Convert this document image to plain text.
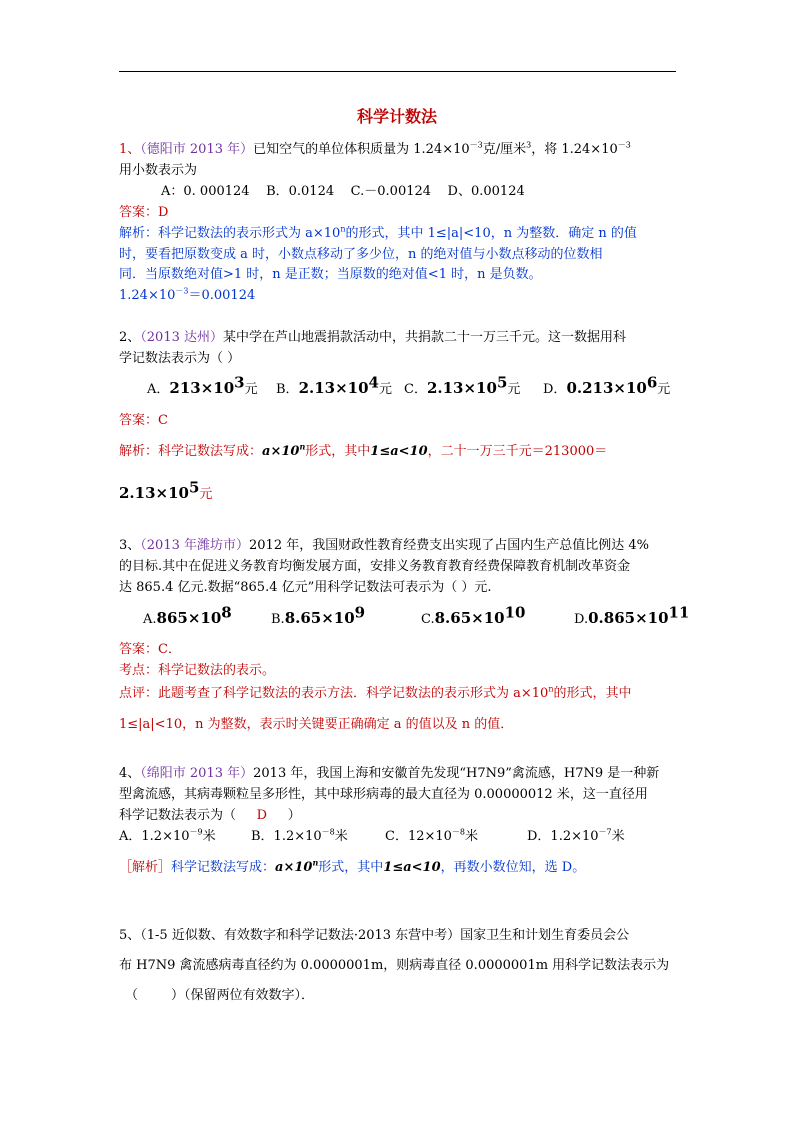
科学计数法
1、（德阳市 2013 年）已知空气的单位体积质量为 $1.24\times 10^{-3}$克/厘米$^3$，将 $1.24\times 10^{-3}$
用小数表示为
A：0. 000124    B．0.0124    C.－0.00124    D、0.00124
答案：D
解析：科学记数法的表示形式为 $a\times 10^n$的形式，其中 1≤|a|<10，n 为整数．确定 n 的值
时，要看把原数变成 a 时，小数点移动了多少位，n 的绝对值与小数点移动的位数相
同．当原数绝对值>1 时，n 是正数；当原数的绝对值<1 时，n 是负数。
$1.24\times 10^{-3}=0.00124$
2、（2013 达州）某中学在芦山地震捐款活动中，共捐款二十一万三千元。这一数据用科
学记数法表示为（ ）
A．$213\times 10^3$元 B．$2.13\times 10^4$元 C．$2.13\times 10^5$元 D．$0.213\times 10^6$元
答案：C
解析：科学记数法写成：$a\times 10^n$形式，其中1≤a<10，二十一万三千元＝213000＝
$2.13\times 10^5$元
3、（2013 年潍坊市）2012 年，我国财政性教育经费支出实现了占国内生产总值比例达 4%
的目标.其中在促进义务教育均衡发展方面，安排义务教育教育经费保障教育机制改革资金
达 865.4 亿元.数据“865.4 亿元”用科学记数法可表示为（ ）元.
$A.865\times 10^8$	$B.8.65\times 10^9$	$C.8.65\times 10^{10}$	$D.0.865\times 10^{11}$
答案：C．
考点：科学记数法的表示。
点评：此题考查了科学记数法的表示方法．科学记数法的表示形式为 $a\times 10^n$的形式，其中
1≤|a|<10，n 为整数，表示时关键要正确确定 a 的值以及 n 的值．
4、（绵阳市 2013 年）2013 年，我国上海和安徽首先发现“H7N9”禽流感，H7N9 是一种新
型禽流感，其病毒颗粒呈多形性，其中球形病毒的最大直径为 0.00000012 米，这一直径用
科学记数法表示为（     D     ）
A．$1.2\times 10^{-9}$米	B．$1.2\times 10^{-8}$米	C．$12\times 10^{-8}$米	D．$1.2\times 10^{-7}$米
［解析］科学记数法写成：$a\times 10^n$形式，其中1≤a<10，再数小数位知，选 D。
5、（1-5 近似数、有效数字和科学记数法·2013 东营中考）国家卫生和计划生育委员会公
布 H7N9 禽流感病毒直径约为 0.0000001m，则病毒直径 0.0000001m 用科学记数法表示为
（        ）（保留两位有效数字）．
